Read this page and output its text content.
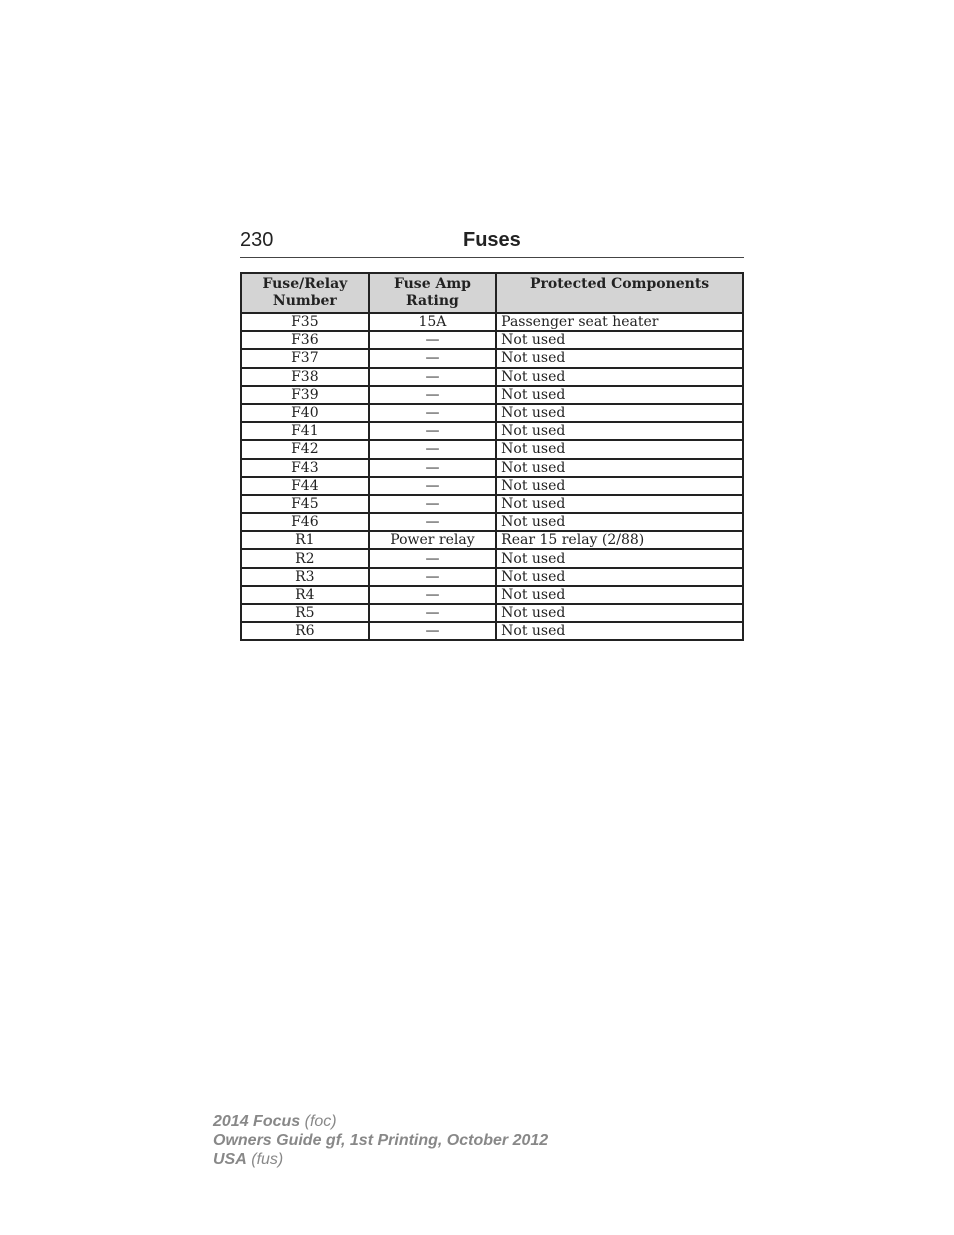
230	Fuses
Fuse/Relay Number	Fuse Amp Rating	Protected Components
F35	15A	Passenger seat heater
F36	—	Not used
F37	—	Not used
F38	—	Not used
F39	—	Not used
F40	—	Not used
F41	—	Not used
F42	—	Not used
F43	—	Not used
F44	—	Not used
F45	—	Not used
F46	—	Not used
R1	Power relay	Rear 15 relay (2/88)
R2	—	Not used
R3	—	Not used
R4	—	Not used
R5	—	Not used
R6	—	Not used
2014 Focus (foc)
Owners Guide gf, 1st Printing, October 2012
USA (fus)
